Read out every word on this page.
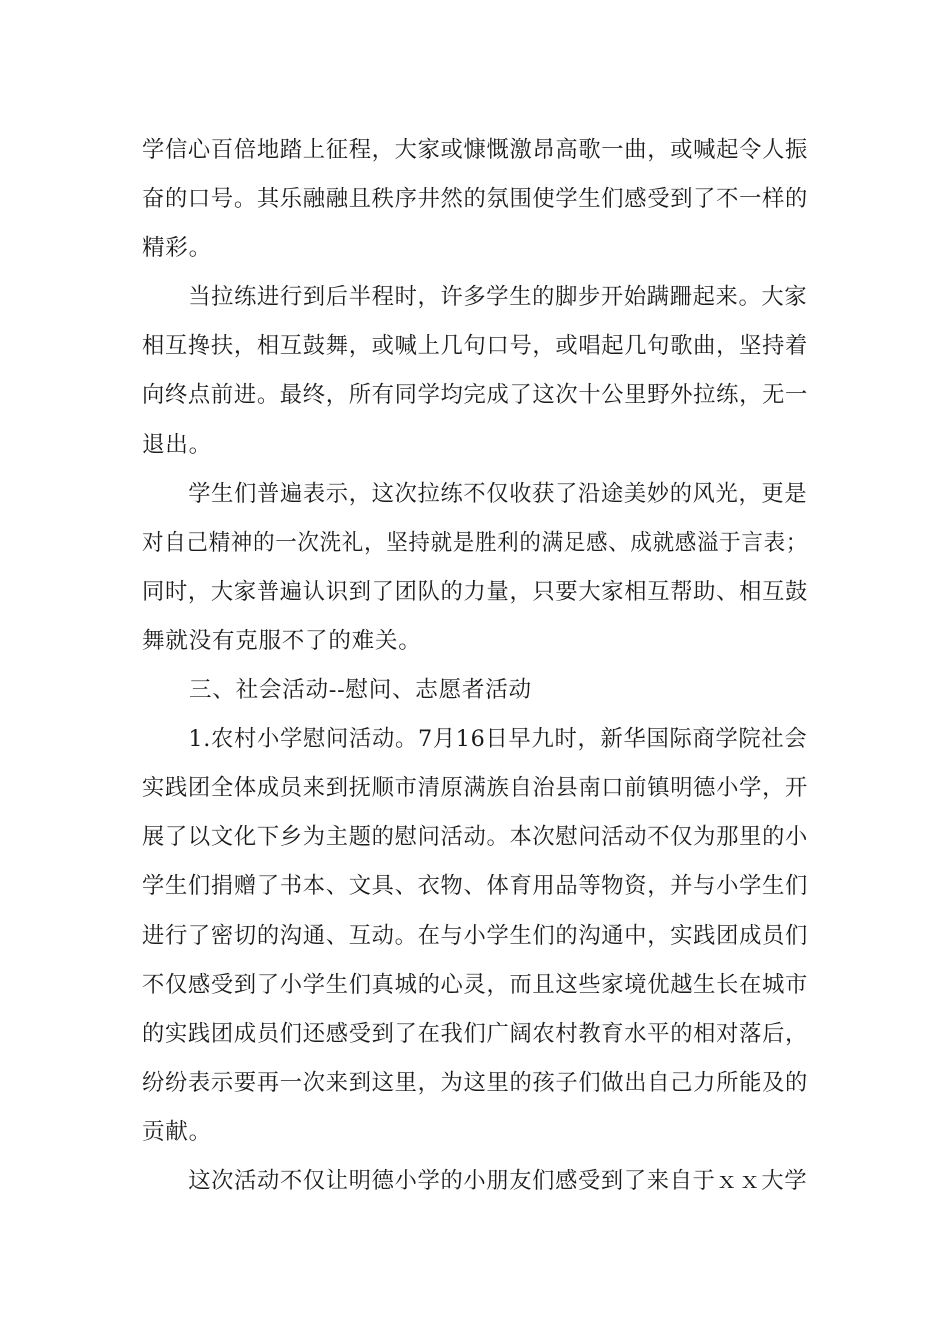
学信心百倍地踏上征程，大家或慷慨激昂高歌一曲，或喊起令人振
奋的口号。其乐融融且秩序井然的氛围使学生们感受到了不一样的
精彩。

当拉练进行到后半程时，许多学生的脚步开始蹒跚起来。大家
相互搀扶，相互鼓舞，或喊上几句口号，或唱起几句歌曲，坚持着
向终点前进。最终，所有同学均完成了这次十公里野外拉练，无一
退出。

学生们普遍表示，这次拉练不仅收获了沿途美妙的风光，更是
对自己精神的一次洗礼，坚持就是胜利的满足感、成就感溢于言表；
同时，大家普遍认识到了团队的力量，只要大家相互帮助、相互鼓
舞就没有克服不了的难关。

三、社会活动--慰问、志愿者活动

1.农村小学慰问活动。7月16日早九时，新华国际商学院社会
实践团全体成员来到抚顺市清原满族自治县南口前镇明德小学，开
展了以文化下乡为主题的慰问活动。本次慰问活动不仅为那里的小
学生们捐赠了书本、文具、衣物、体育用品等物资，并与小学生们
进行了密切的沟通、互动。在与小学生们的沟通中，实践团成员们
不仅感受到了小学生们真城的心灵，而且这些家境优越生长在城市
的实践团成员们还感受到了在我们广阔农村教育水平的相对落后，
纷纷表示要再一次来到这里，为这里的孩子们做出自己力所能及的
贡献。

这次活动不仅让明德小学的小朋友们感受到了来自于ｘｘ大学
